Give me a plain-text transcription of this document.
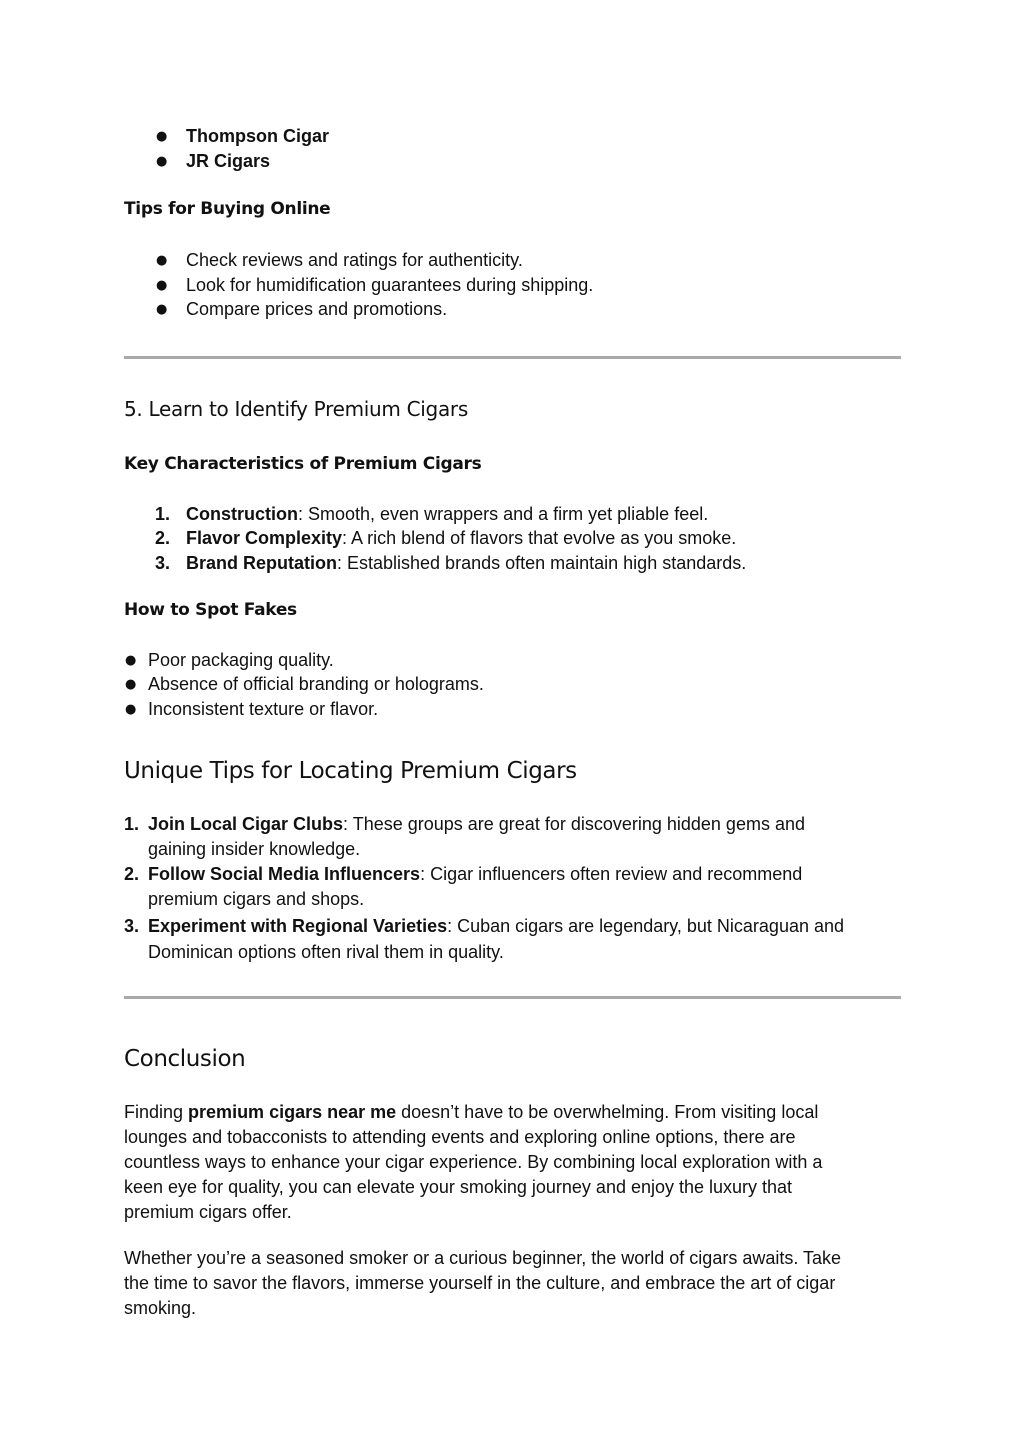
● Thompson Cigar

● JR Cigars

Tips for Buying Online
● Check reviews and ratings for authenticity.

● Look for humidification guarantees during shipping.

● Compare prices and promotions.

5. Learn to Identify Premium Cigars
Key Characteristics of Premium Cigars
1. Construction: Smooth, even wrappers and a firm yet pliable feel.

2. Flavor Complexity: A rich blend of flavors that evolve as you smoke.

3. Brand Reputation: Established brands often maintain high standards.

How to Spot Fakes
● Poor packaging quality.

● Absence of official branding or holograms.

● Inconsistent texture or flavor.

Unique Tips for Locating Premium Cigars
1. Join Local Cigar Clubs: These groups are great for discovering hidden gems and

gaining insider knowledge.

2. Follow Social Media Influencers: Cigar influencers often review and recommend

premium cigars and shops.

3. Experiment with Regional Varieties: Cuban cigars are legendary, but Nicaraguan and

Dominican options often rival them in quality.

Conclusion

Finding premium cigars near me doesn’t have to be overwhelming. From visiting local

lounges and tobacconists to attending events and exploring online options, there are

countless ways to enhance your cigar experience. By combining local exploration with a

keen eye for quality, you can elevate your smoking journey and enjoy the luxury that

premium cigars offer.

Whether you’re a seasoned smoker or a curious beginner, the world of cigars awaits. Take

the time to savor the flavors, immerse yourself in the culture, and embrace the art of cigar

smoking.
